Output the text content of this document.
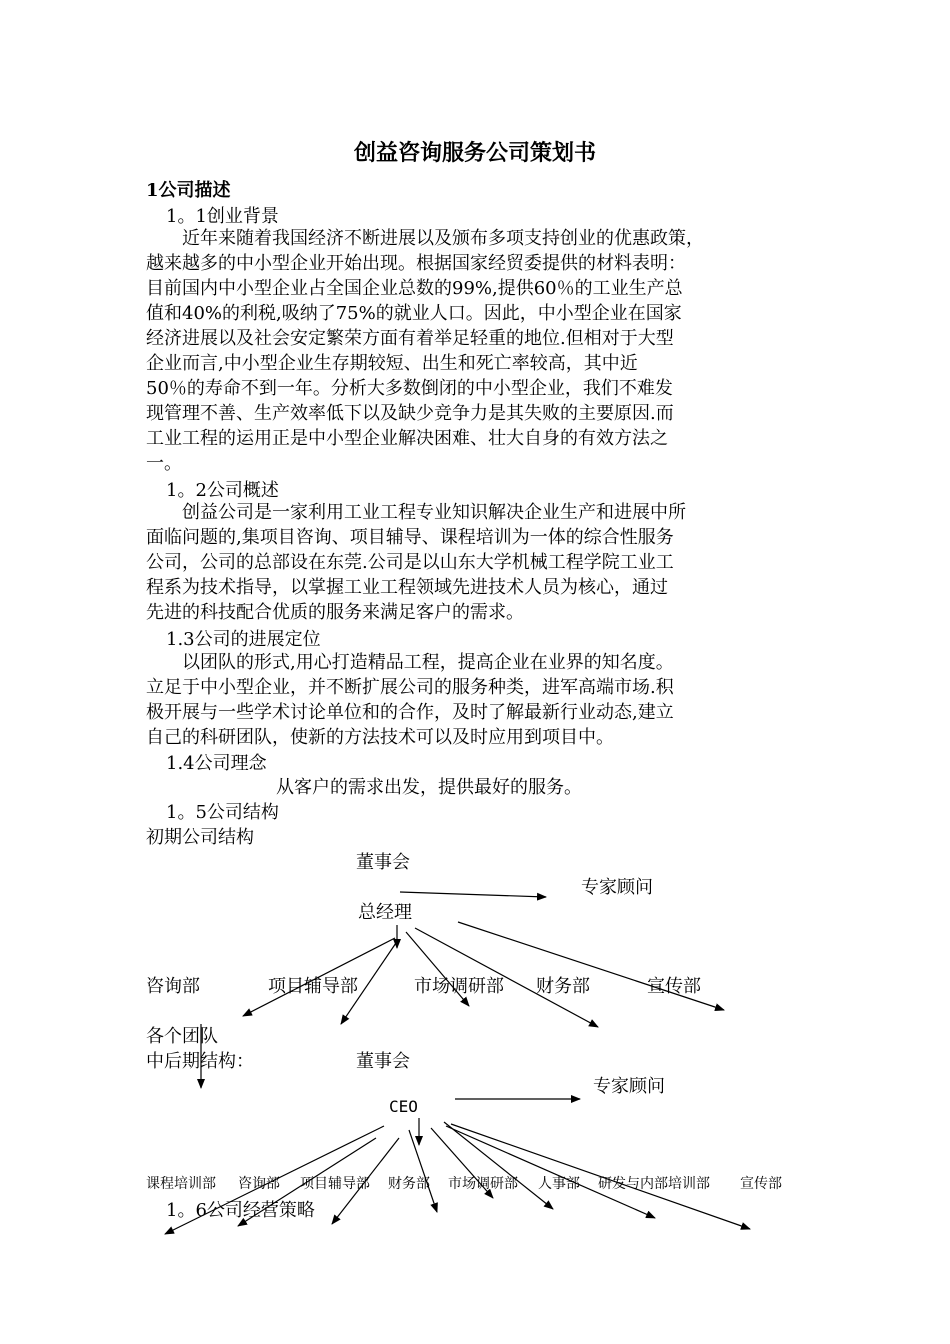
创益咨询服务公司策划书
1公司描述
1。1创业背景
近年来随着我国经济不断进展以及颁布多项支持创业的优惠政策，
越来越多的中小型企业开始出现。根据国家经贸委提供的材料表明：
目前国内中小型企业占全国企业总数的99%,提供60％的工业生产总
值和40%的利税,吸纳了75%的就业人口。因此，中小型企业在国家
经济进展以及社会安定繁荣方面有着举足轻重的地位.但相对于大型
企业而言,中小型企业生存期较短、出生和死亡率较高，其中近
50％的寿命不到一年。分析大多数倒闭的中小型企业，我们不难发
现管理不善、生产效率低下以及缺少竞争力是其失败的主要原因.而
工业工程的运用正是中小型企业解决困难、壮大自身的有效方法之
一。
1。2公司概述
创益公司是一家利用工业工程专业知识解决企业生产和进展中所
面临问题的,集项目咨询、项目辅导、课程培训为一体的综合性服务
公司，公司的总部设在东莞.公司是以山东大学机械工程学院工业工
程系为技术指导，以掌握工业工程领域先进技术人员为核心，通过
先进的科技配合优质的服务来满足客户的需求。
1.3公司的进展定位
以团队的形式,用心打造精品工程，提高企业在业界的知名度。
立足于中小型企业，并不断扩展公司的服务种类，进军高端市场.积
极开展与一些学术讨论单位和的合作，及时了解最新行业动态,建立
自己的科研团队，使新的方法技术可以及时应用到项目中。
1.4公司理念
从客户的需求出发，提供最好的服务。
1。5公司结构
初期公司结构
董事会
专家顾问
总经理
咨询部	项目辅导部	市场调研部 财务部	宣传部
各个团队
中后期结构：	董事会
专家顾问
CEO
课程培训部 咨询部 项目辅导部 财务部 市场调研部 人事部 研发与内部培训部 宣传部
1。6公司经营策略
